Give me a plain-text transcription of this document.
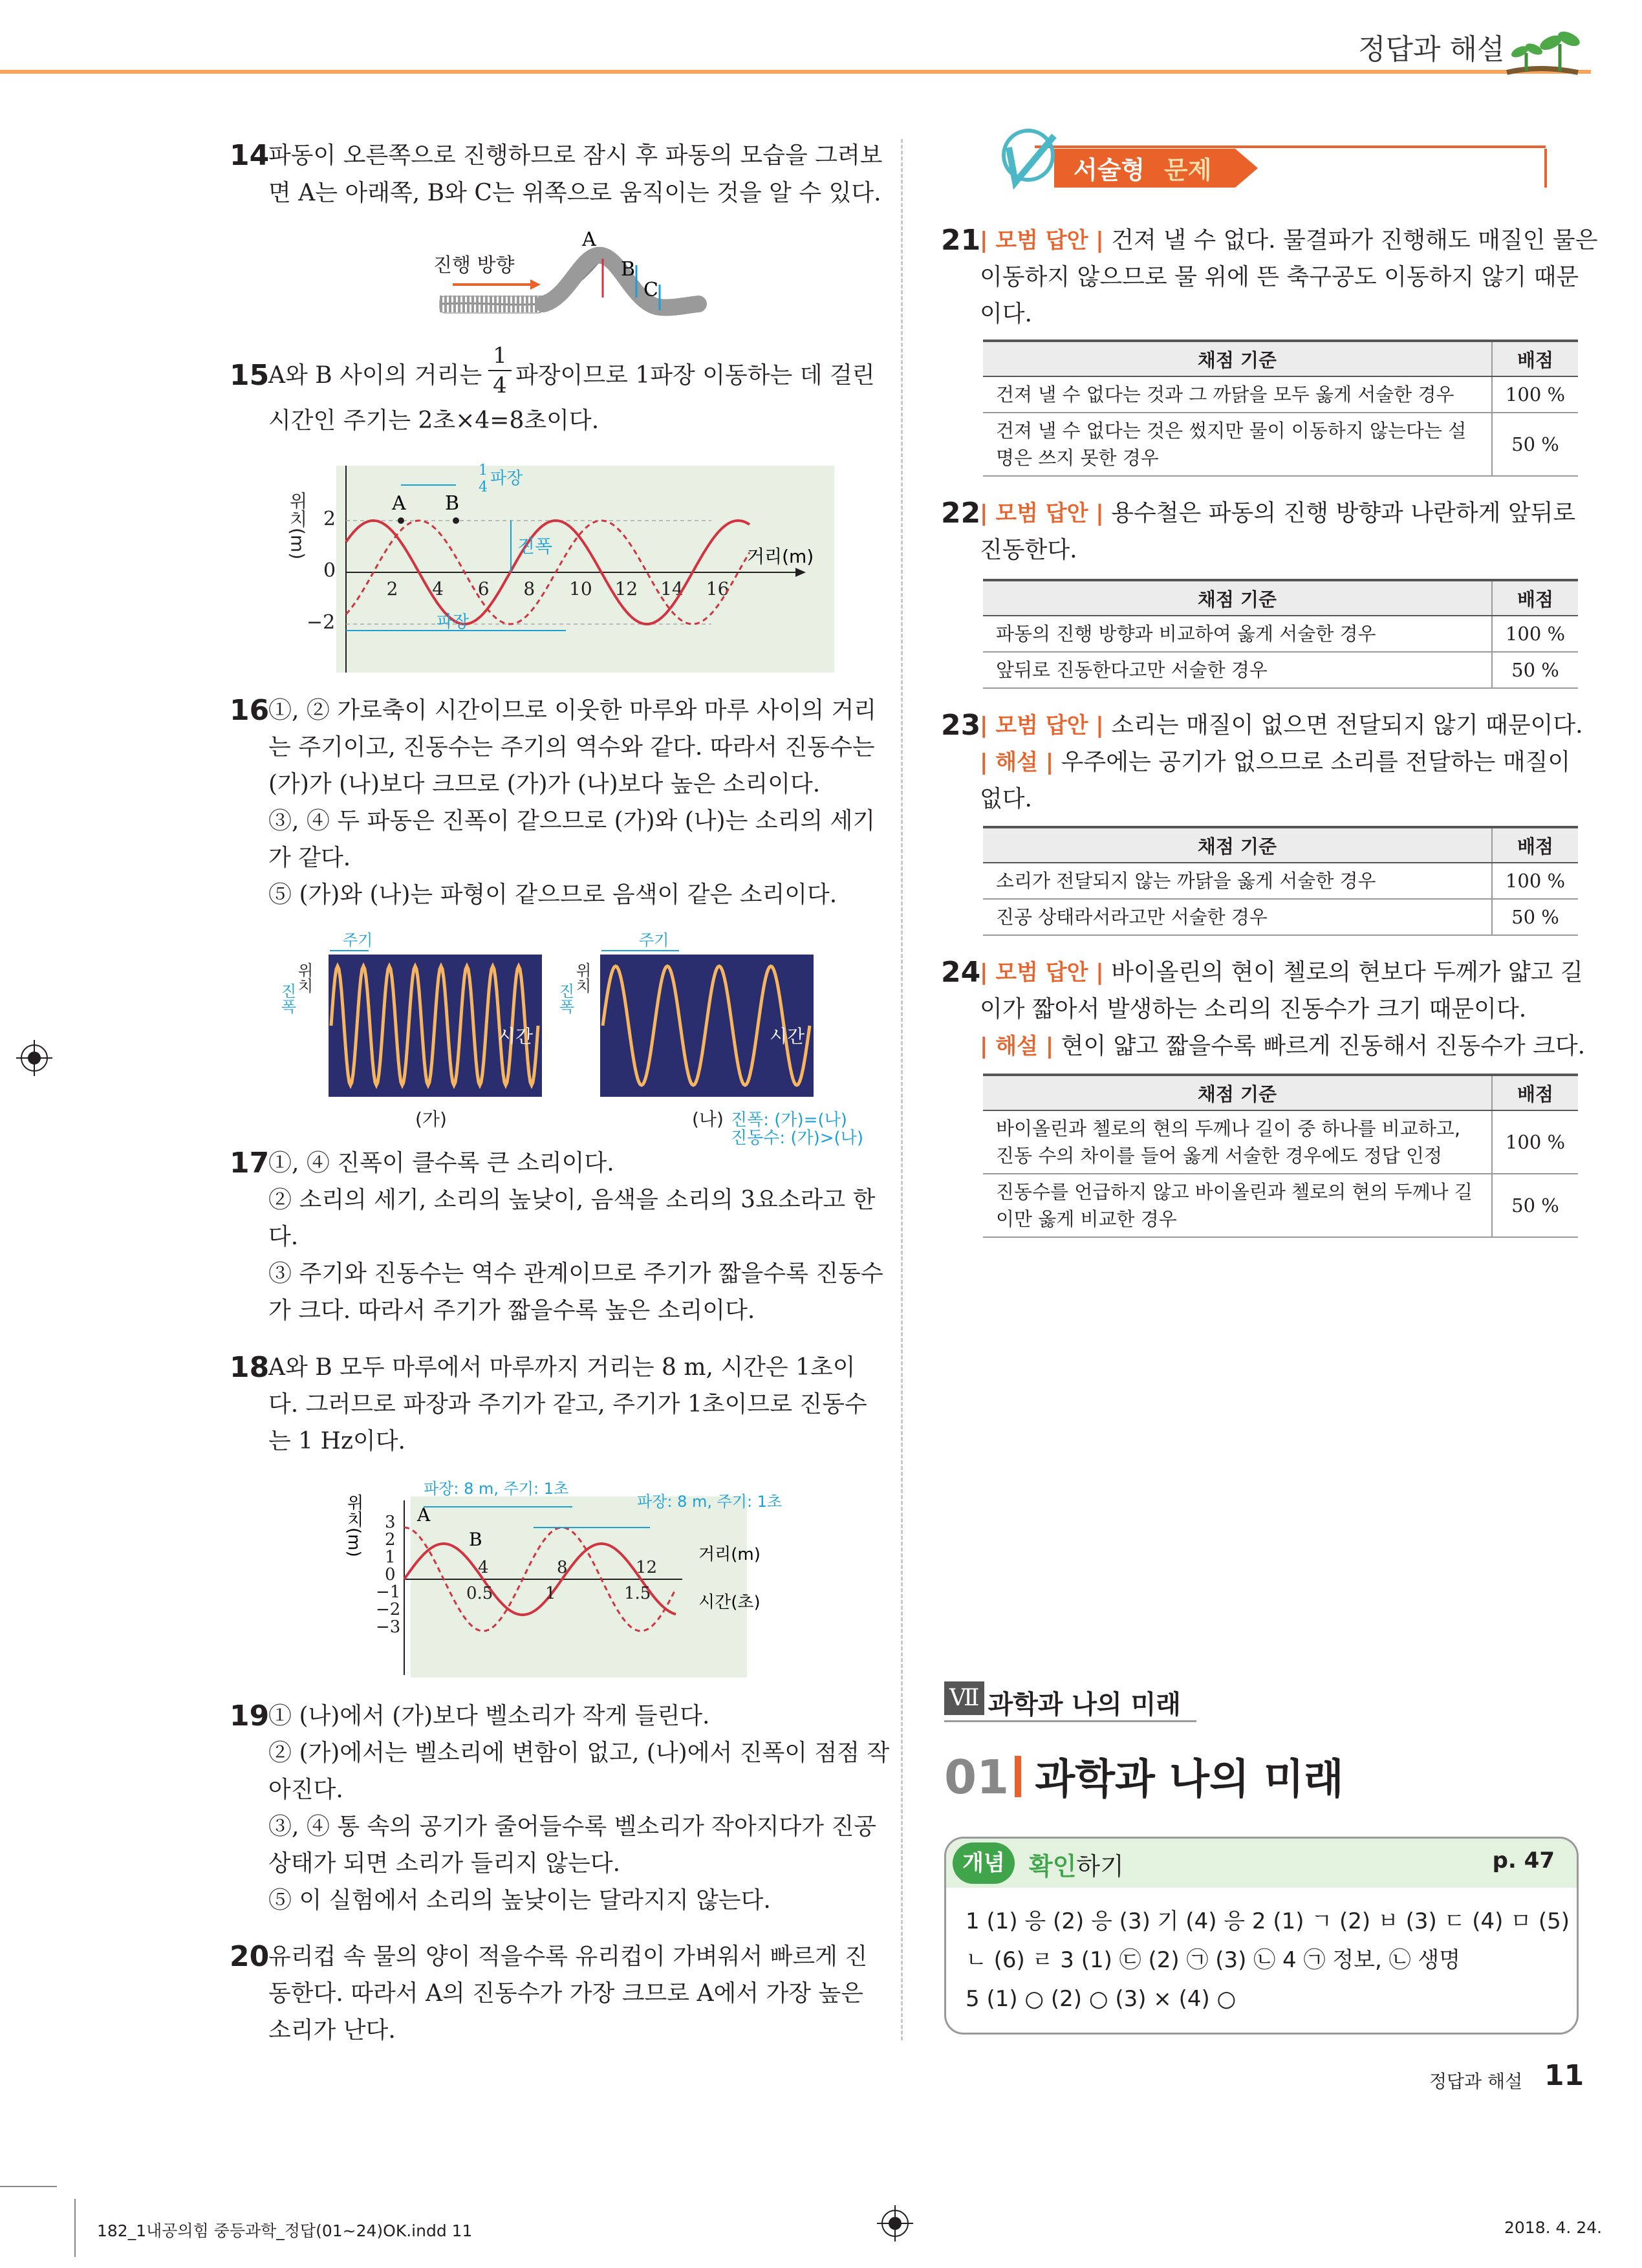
정답과 해설
14
파동이 오른쪽으로 진행하므로 잠시 후 파동의 모습을 그려보
면 A는 아래쪽, B와 C는 위쪽으로 움직이는 것을 알 수 있다.
진행 방향
A
B
C
15
A와 B 사이의 거리는 $\frac{1}{4}$ 파장이므로 1파장 이동하는 데 걸린
시간인 주기는 2초×4=8초이다.
위치(m) 2
0
−2
2 4 6 8 10 12 14 16
거리(m)
A B
1
4 파장
진폭
파장
16
①, ② 가로축이 시간이므로 이웃한 마루와 마루 사이의 거리
는 주기이고, 진동수는 주기의 역수와 같다. 따라서 진동수는
(가)가 (나)보다 크므로 (가)가 (나)보다 높은 소리이다.
③, ④ 두 파동은 진폭이 같으므로 (가)와 (나)는 소리의 세기
가 같다.
⑤ (가)와 (나)는 파형이 같으므로 음색이 같은 소리이다.
주기
위치
진폭
시간
(가)
주기
위치
진폭
시간
(나) 진폭: (가)=(나)
진동수: (가)>(나)
17
①, ④ 진폭이 클수록 큰 소리이다.
② 소리의 세기, 소리의 높낮이, 음색을 소리의 3요소라고 한
다.
③ 주기와 진동수는 역수 관계이므로 주기가 짧을수록 진동수
가 크다. 따라서 주기가 짧을수록 높은 소리이다.
18
A와 B 모두 마루에서 마루까지 거리는 8 m, 시간은 1초이
다. 그러므로 파장과 주기가 같고, 주기가 1초이므로 진동수
는 1 Hz이다.
위치(m) 3
2
1
0
−1
−2
−3
4	8	12
0.5	1	1.5
거리(m)
시간(초)
A
B
파장: 8 m, 주기: 1초
파장: 8 m, 주기: 1초
19
① (나)에서 (가)보다 벨소리가 작게 들린다.
② (가)에서는 벨소리에 변함이 없고, (나)에서 진폭이 점점 작
아진다.
③, ④ 통 속의 공기가 줄어들수록 벨소리가 작아지다가 진공
상태가 되면 소리가 들리지 않는다.
⑤ 이 실험에서 소리의 높낮이는 달라지지 않는다.
20
유리컵 속 물의 양이 적을수록 유리컵이 가벼워서 빠르게 진
동한다. 따라서 A의 진동수가 가장 크므로 A에서 가장 높은
소리가 난다.
서술형 문제
21
| 모범 답안 | 건져 낼 수 없다. 물결파가 진행해도 매질인 물은
이동하지 않으므로 물 위에 뜬 축구공도 이동하지 않기 때문
이다.
채점 기준	배점
건져 낼 수 없다는 것과 그 까닭을 모두 옳게 서술한 경우	100 %
건져 낼 수 없다는 것은 썼지만 물이 이동하지 않는다는 설명은 쓰지 못한 경우	50 %
22
| 모범 답안 | 용수철은 파동의 진행 방향과 나란하게 앞뒤로
진동한다.
채점 기준	배점
파동의 진행 방향과 비교하여 옳게 서술한 경우	100 %
앞뒤로 진동한다고만 서술한 경우	50 %
23
| 모범 답안 | 소리는 매질이 없으면 전달되지 않기 때문이다.
| 해설 | 우주에는 공기가 없으므로 소리를 전달하는 매질이
없다.
채점 기준	배점
소리가 전달되지 않는 까닭을 옳게 서술한 경우	100 %
진공 상태라서라고만 서술한 경우	50 %
24
| 모범 답안 | 바이올린의 현이 첼로의 현보다 두께가 얇고 길
이가 짧아서 발생하는 소리의 진동수가 크기 때문이다.
| 해설 | 현이 얇고 짧을수록 빠르게 진동해서 진동수가 크다.
채점 기준	배점
바이올린과 첼로의 현의 두께나 길이 중 하나를 비교하고, 진동 수의 차이를 들어 옳게 서술한 경우에도 정답 인정	100 %
진동수를 언급하지 않고 바이올린과 첼로의 현의 두께나 길이만 옳게 비교한 경우	50 %
Ⅶ 과학과 나의 미래
01 과학과 나의 미래
개념 확인하기	p. 47
1 (1) 응 (2) 응 (3) 기 (4) 응 2 (1) ㄱ (2) ㅂ (3) ㄷ (4) ㅁ (5)
ㄴ (6) ㄹ 3 (1) ㉢ (2) ㉠ (3) ㉡ 4 ㉠ 정보, ㉡ 생명
5 (1) ○ (2) ○ (3) × (4) ○
정답과 해설 11
182_1내공의힘 중등과학_정답(01~24)OK.indd 11	2018. 4. 24.
